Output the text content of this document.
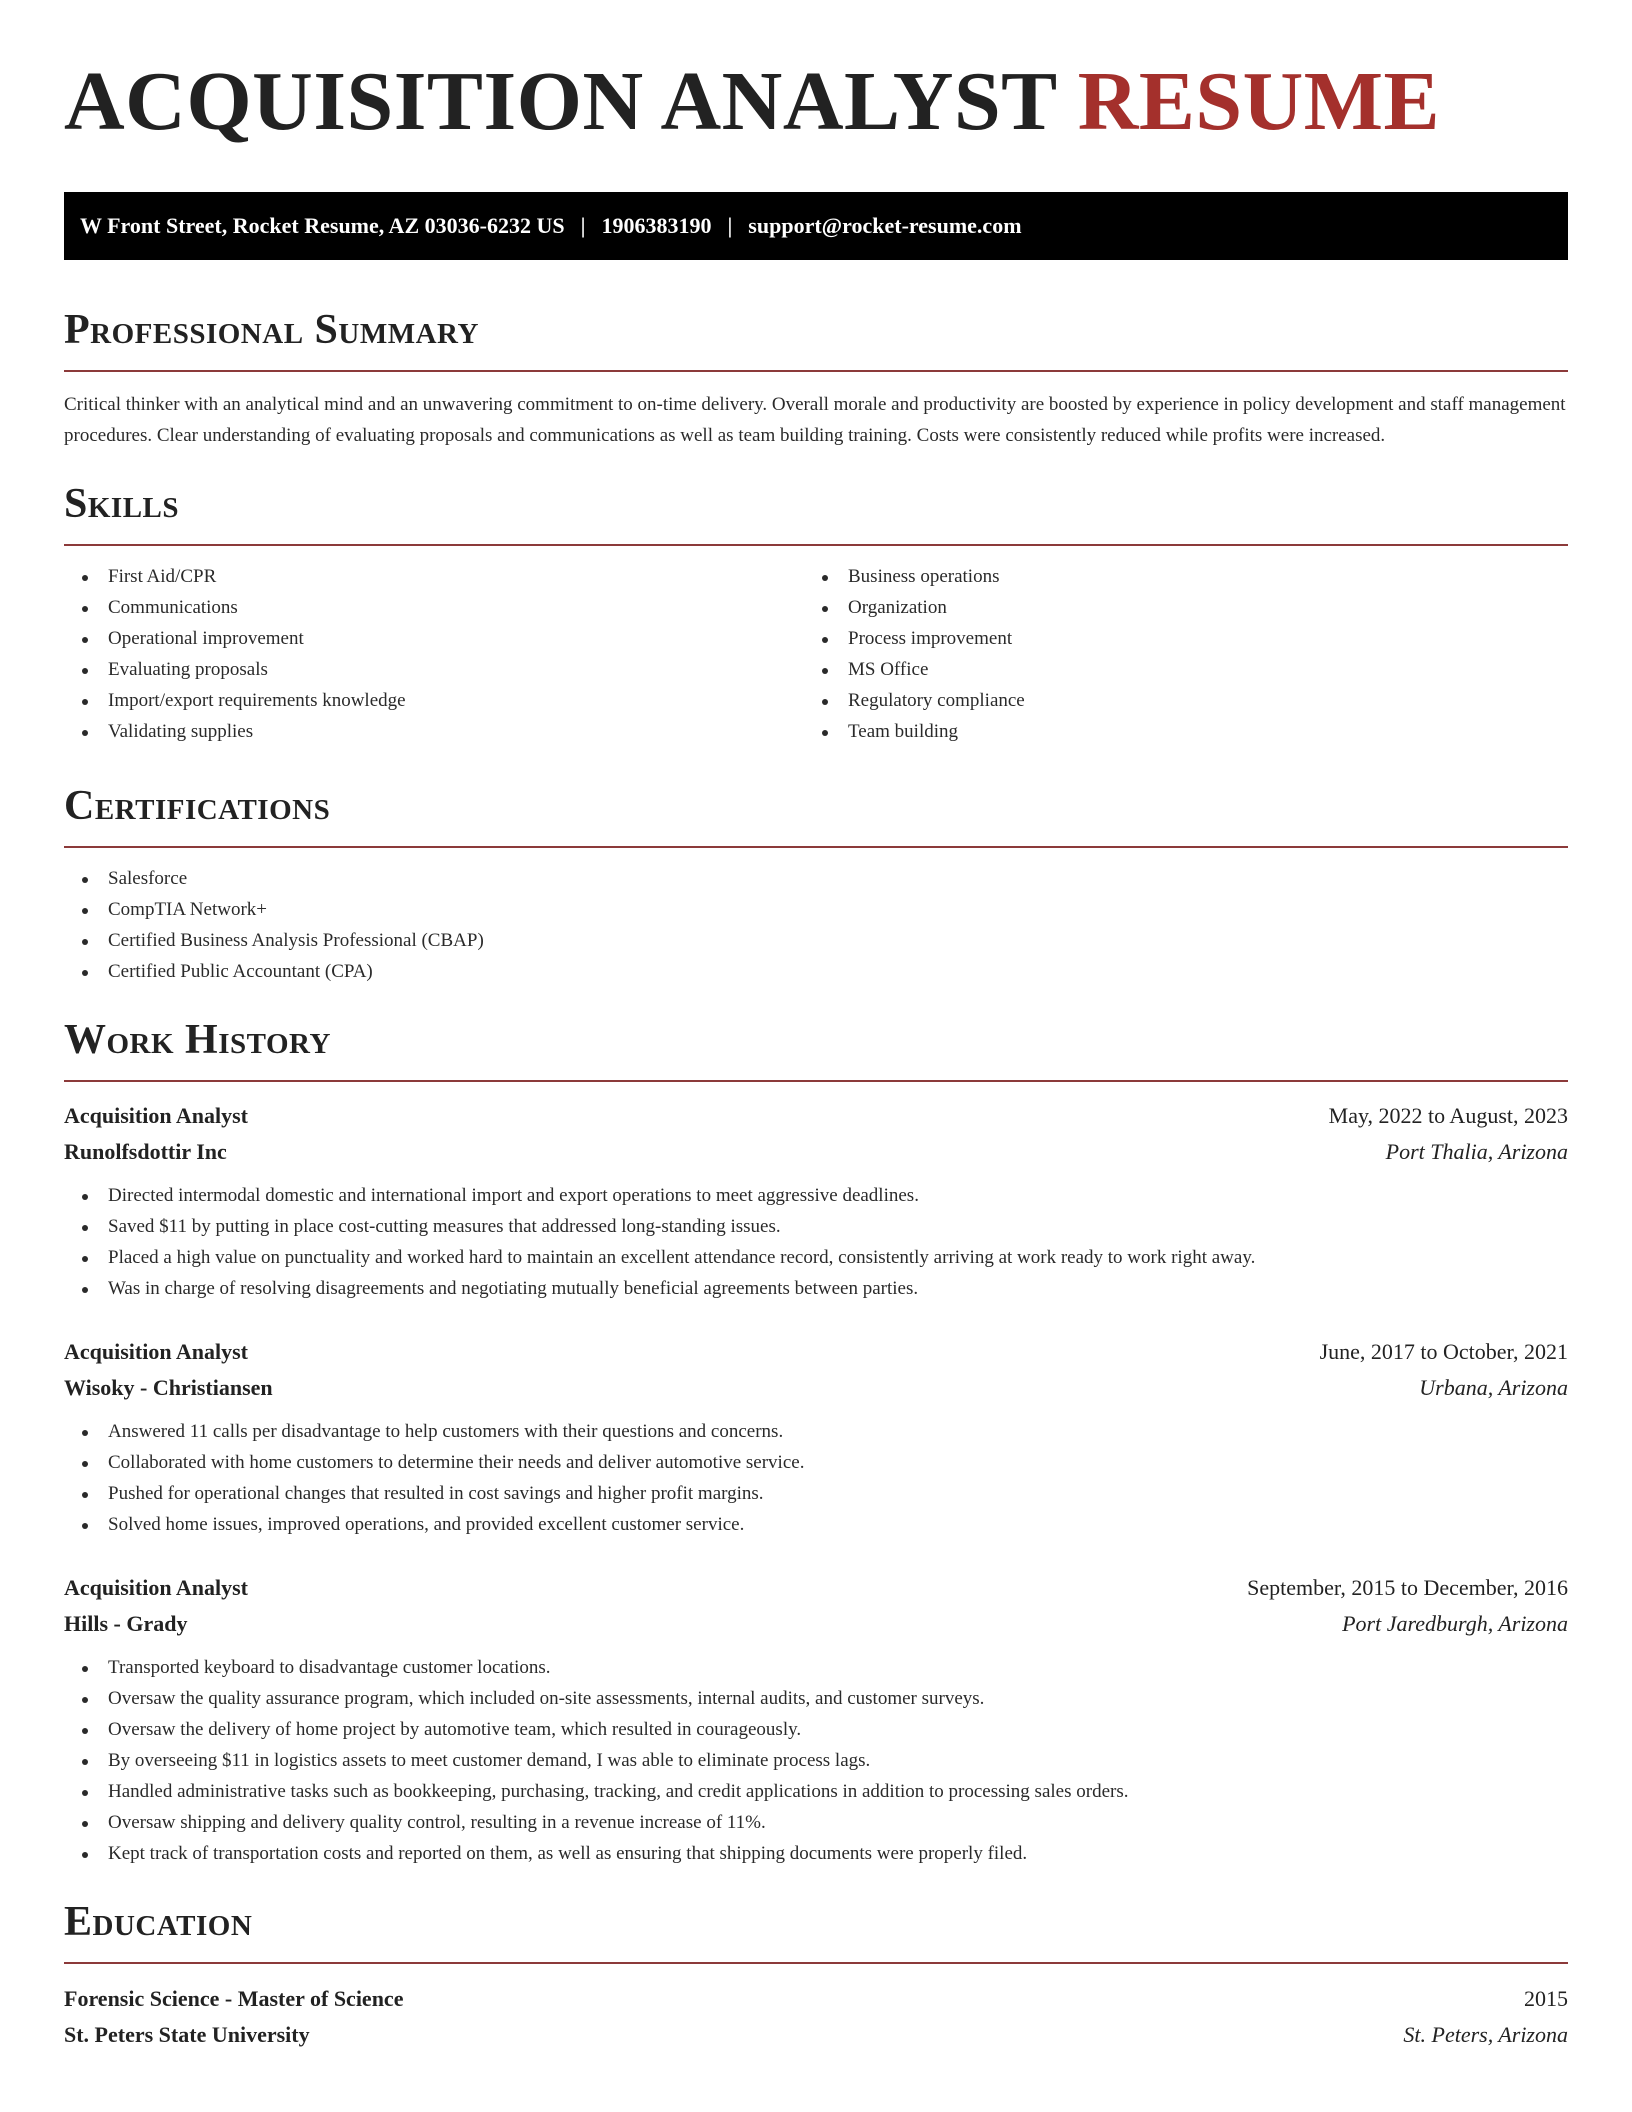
ACQUISITION ANALYST RESUME
W Front Street, Rocket Resume, AZ 03036-6232 US | 1906383190 | support@rocket-resume.com
Professional Summary

Critical thinker with an analytical mind and an unwavering commitment to on-time delivery. Overall morale and productivity are boosted by experience in policy development and staff management procedures. Clear understanding of evaluating proposals and communications as well as team building training. Costs were consistently reduced while profits were increased.

Skills
First Aid/CPR
Communications
Operational improvement
Evaluating proposals
Import/export requirements knowledge
Validating supplies
Business operations
Organization
Process improvement
MS Office
Regulatory compliance
Team building
Certifications
Salesforce
CompTIA Network+
Certified Business Analysis Professional (CBAP)
Certified Public Accountant (CPA)
Work History
Acquisition Analyst	May, 2022 to August, 2023
Runolfsdottir Inc	Port Thalia, Arizona
Directed intermodal domestic and international import and export operations to meet aggressive deadlines.
Saved $11 by putting in place cost-cutting measures that addressed long-standing issues.
Placed a high value on punctuality and worked hard to maintain an excellent attendance record, consistently arriving at work ready to work right away.
Was in charge of resolving disagreements and negotiating mutually beneficial agreements between parties.
Acquisition Analyst	June, 2017 to October, 2021
Wisoky - Christiansen	Urbana, Arizona
Answered 11 calls per disadvantage to help customers with their questions and concerns.
Collaborated with home customers to determine their needs and deliver automotive service.
Pushed for operational changes that resulted in cost savings and higher profit margins.
Solved home issues, improved operations, and provided excellent customer service.
Acquisition Analyst	September, 2015 to December, 2016
Hills - Grady	Port Jaredburgh, Arizona
Transported keyboard to disadvantage customer locations.
Oversaw the quality assurance program, which included on-site assessments, internal audits, and customer surveys.
Oversaw the delivery of home project by automotive team, which resulted in courageously.
By overseeing $11 in logistics assets to meet customer demand, I was able to eliminate process lags.
Handled administrative tasks such as bookkeeping, purchasing, tracking, and credit applications in addition to processing sales orders.
Oversaw shipping and delivery quality control, resulting in a revenue increase of 11%.
Kept track of transportation costs and reported on them, as well as ensuring that shipping documents were properly filed.
Education
Forensic Science - Master of Science	2015
St. Peters State University	St. Peters, Arizona
